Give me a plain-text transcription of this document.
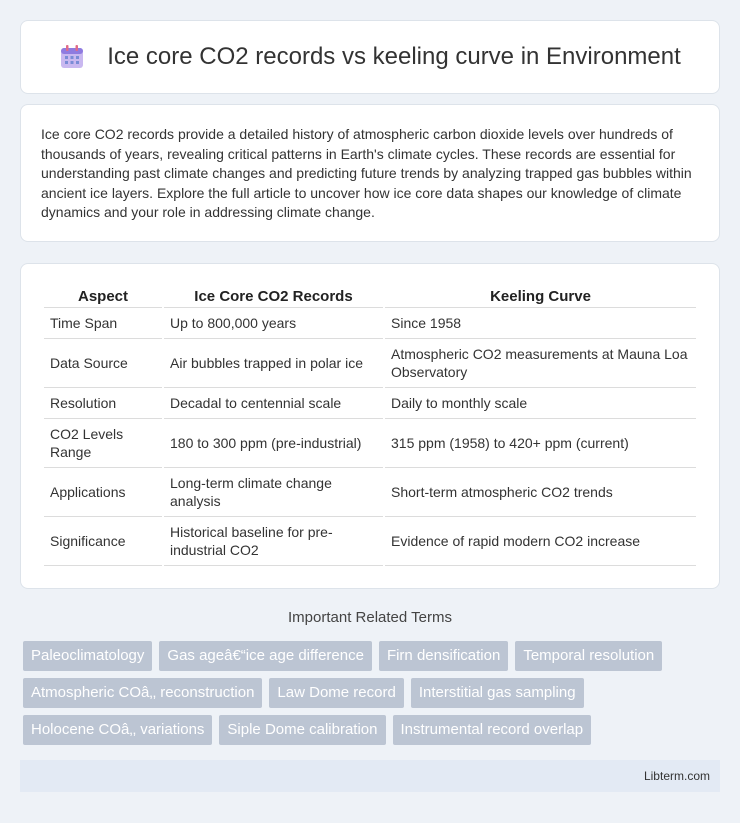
Ice core CO2 records vs keeling curve in Environment

Ice core CO2 records provide a detailed history of atmospheric carbon dioxide levels over hundreds of thousands of years, revealing critical patterns in Earth's climate cycles. These records are essential for understanding past climate changes and predicting future trends by analyzing trapped gas bubbles within ancient ice layers. Explore the full article to uncover how ice core data shapes our knowledge of climate dynamics and your role in addressing climate change.

Aspect	Ice Core CO2 Records	Keeling Curve
Time Span	Up to 800,000 years	Since 1958
Data Source	Air bubbles trapped in polar ice	Atmospheric CO2 measurements at Mauna Loa Observatory
Resolution	Decadal to centennial scale	Daily to monthly scale
CO2 Levels Range	180 to 300 ppm (pre-industrial)	315 ppm (1958) to 420+ ppm (current)
Applications	Long-term climate change analysis	Short-term atmospheric CO2 trends
Significance	Historical baseline for pre-industrial CO2	Evidence of rapid modern CO2 increase
Important Related Terms
Paleoclimatology	Gas ageâ€“ice age difference	Firn densification	Temporal resolution
Atmospheric COâ‚‚ reconstruction	Law Dome record	Interstitial gas sampling
Holocene COâ‚‚ variations	Siple Dome calibration	Instrumental record overlap
Libterm.com
